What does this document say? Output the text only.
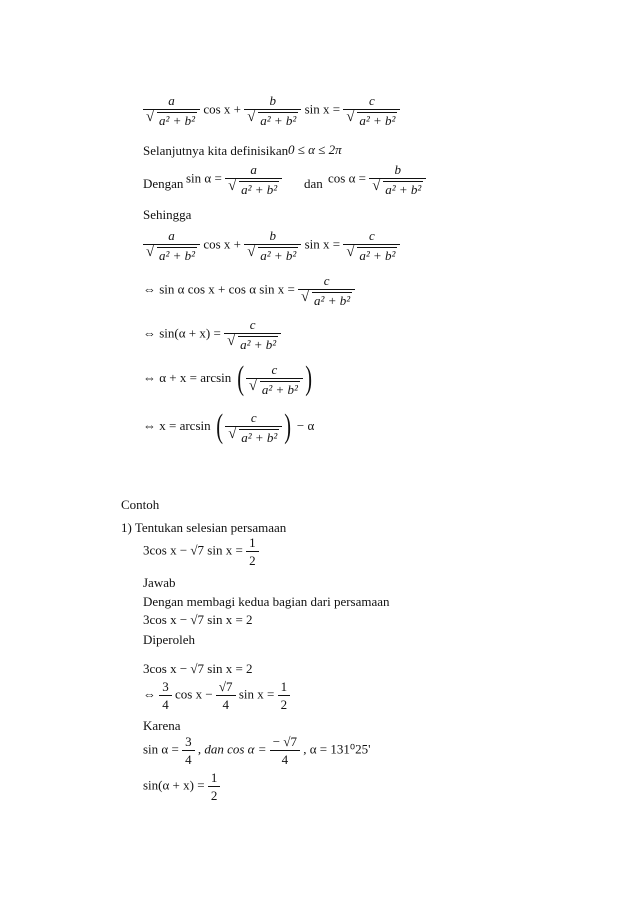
$\frac{a}{\text{√ a² + b²}}$ $\cos x + \frac{b}{\text{√ a² + b²}}$ $\sin x = \frac{c}{\text{√ a² + b²}}$
Selanjutnya kita definisikan 0 ≤ α ≤ 2π
Dengan $\sin \alpha = \frac{a}{\text{√ a² + b²}}$ dan $\cos \alpha = \frac{b}{\text{√ a² + b²}}$
Sehingga
$\frac{a}{\text{√ a² + b²}}$ $\cos x + \frac{b}{\text{√ a² + b²}}$ $\sin x = \frac{c}{\text{√ a² + b²}}$
⇔ sin α cos x + cos α $\sin x = \frac{c}{\text{√ a² + b²}}$
⇔ $\sin(\alpha + x) = \frac{c}{\text{√ a² + b²}}$
⇔ α + x = arcsin ( $\frac{c}{\text{√ a² + b²}}$ )
⇔ x = arcsin ( $\frac{c}{\text{√ a² + b²}}$ ) − α
Contoh
1) Tentukan selesian persamaan
3cos x − √7 $\sin x = \frac{1}{2}$
Jawab
Dengan membagi kedua bagian dari persamaan
3cos x − √7 sin x = 2
Diperoleh
3cos x − √7 sin x = 2
⇔ $\frac{3}{4}$ $\cos x - \frac{√7}{4}$ $\sin x = \frac{1}{2}$
Karena
$\sin \alpha = \frac{3}{4}$ , dan $\cos \alpha = \frac{- √7}{4}$ , α = 131⁰25'
$\sin(\alpha + x) = \frac{1}{2}$
